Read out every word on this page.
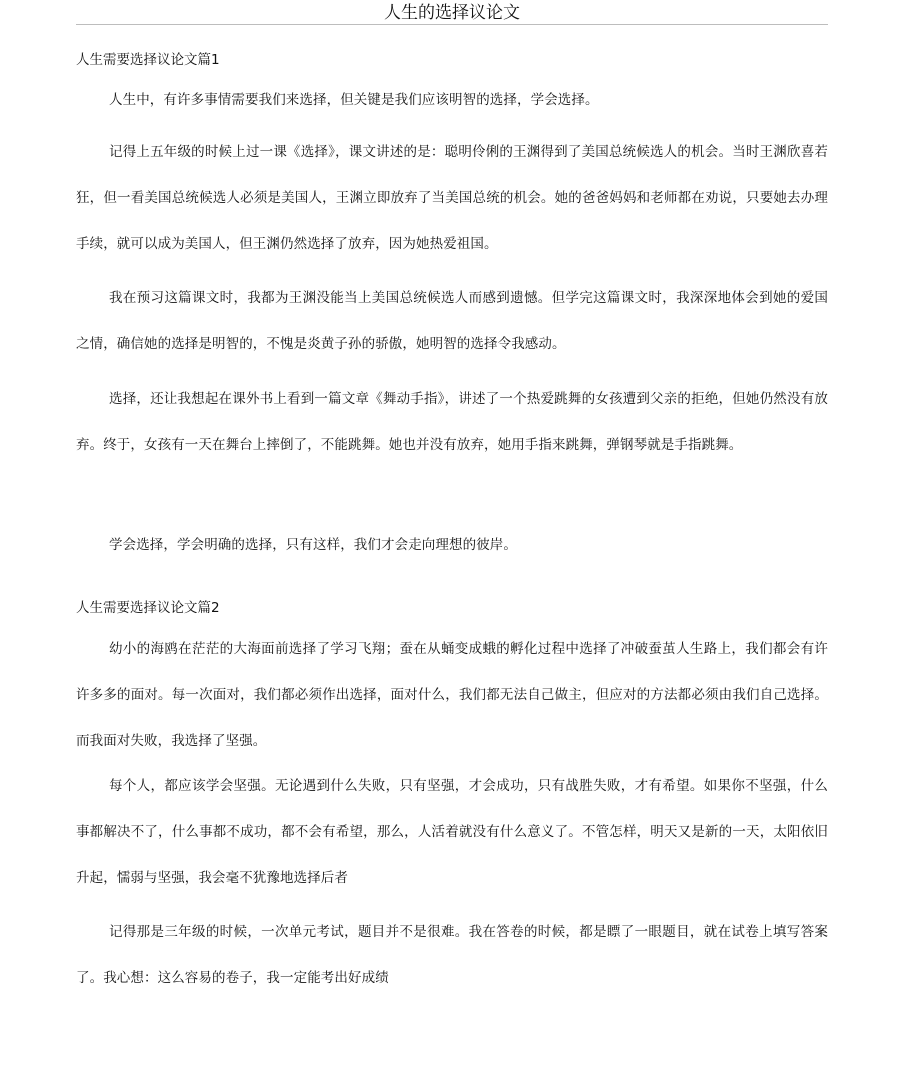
人生的选择议论文
人生需要选择议论文篇1

人生中，有许多事情需要我们来选择，但关键是我们应该明智的选择，学会选择。

记得上五年级的时候上过一课《选择》，课文讲述的是：聪明伶俐的王渊得到了美国总统候选人的机会。当时王渊欣喜若狂，但一看美国总统候选人必须是美国人，王渊立即放弃了当美国总统的机会。她的爸爸妈妈和老师都在劝说，只要她去办理手续，就可以成为美国人，但王渊仍然选择了放弃，因为她热爱祖国。

我在预习这篇课文时，我都为王渊没能当上美国总统候选人而感到遗憾。但学完这篇课文时，我深深地体会到她的爱国之情，确信她的选择是明智的，不愧是炎黄子孙的骄傲，她明智的选择令我感动。

选择，还让我想起在课外书上看到一篇文章《舞动手指》，讲述了一个热爱跳舞的女孩遭到父亲的拒绝，但她仍然没有放弃。终于，女孩有一天在舞台上摔倒了，不能跳舞。她也并没有放弃，她用手指来跳舞，弹钢琴就是手指跳舞。

学会选择，学会明确的选择，只有这样，我们才会走向理想的彼岸。

人生需要选择议论文篇2

幼小的海鸥在茫茫的大海面前选择了学习飞翔；蚕在从蛹变成蛾的孵化过程中选择了冲破蚕茧人生路上，我们都会有许许多多的面对。每一次面对，我们都必须作出选择，面对什么，我们都无法自己做主，但应对的方法都必须由我们自己选择。而我面对失败，我选择了坚强。

每个人，都应该学会坚强。无论遇到什么失败，只有坚强，才会成功，只有战胜失败，才有希望。如果你不坚强，什么事都解决不了，什么事都不成功，都不会有希望，那么，人活着就没有什么意义了。不管怎样，明天又是新的一天，太阳依旧升起，懦弱与坚强，我会毫不犹豫地选择后者

记得那是三年级的时候，一次单元考试，题目并不是很难。我在答卷的时候，都是瞟了一眼题目，就在试卷上填写答案了。我心想：这么容易的卷子，我一定能考出好成绩
